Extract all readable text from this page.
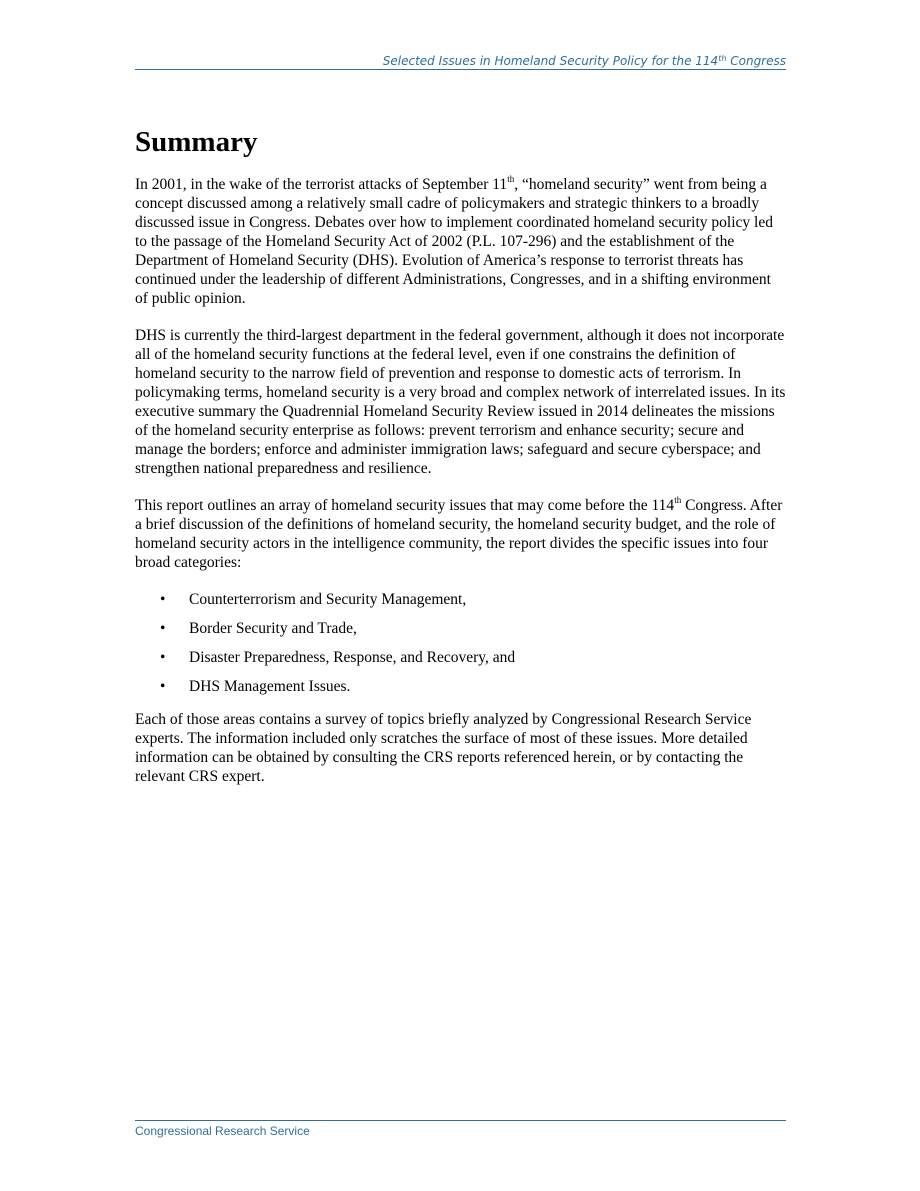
Selected Issues in Homeland Security Policy for the 114th Congress
Summary

In 2001, in the wake of the terrorist attacks of September 11th, “homeland security” went from being a concept discussed among a relatively small cadre of policymakers and strategic thinkers to a broadly discussed issue in Congress. Debates over how to implement coordinated homeland security policy led to the passage of the Homeland Security Act of 2002 (P.L. 107-296) and the establishment of the Department of Homeland Security (DHS). Evolution of America’s response to terrorist threats has continued under the leadership of different Administrations, Congresses, and in a shifting environment of public opinion.

DHS is currently the third-largest department in the federal government, although it does not incorporate all of the homeland security functions at the federal level, even if one constrains the definition of homeland security to the narrow field of prevention and response to domestic acts of terrorism. In policymaking terms, homeland security is a very broad and complex network of interrelated issues. In its executive summary the Quadrennial Homeland Security Review issued in 2014 delineates the missions of the homeland security enterprise as follows: prevent terrorism and enhance security; secure and manage the borders; enforce and administer immigration laws; safeguard and secure cyberspace; and strengthen national preparedness and resilience.

This report outlines an array of homeland security issues that may come before the 114th Congress. After a brief discussion of the definitions of homeland security, the homeland security budget, and the role of homeland security actors in the intelligence community, the report divides the specific issues into four broad categories:

• Counterterrorism and Security Management,
• Border Security and Trade,
• Disaster Preparedness, Response, and Recovery, and
• DHS Management Issues.

Each of those areas contains a survey of topics briefly analyzed by Congressional Research Service experts. The information included only scratches the surface of most of these issues. More detailed information can be obtained by consulting the CRS reports referenced herein, or by contacting the relevant CRS expert.

Congressional Research Service
